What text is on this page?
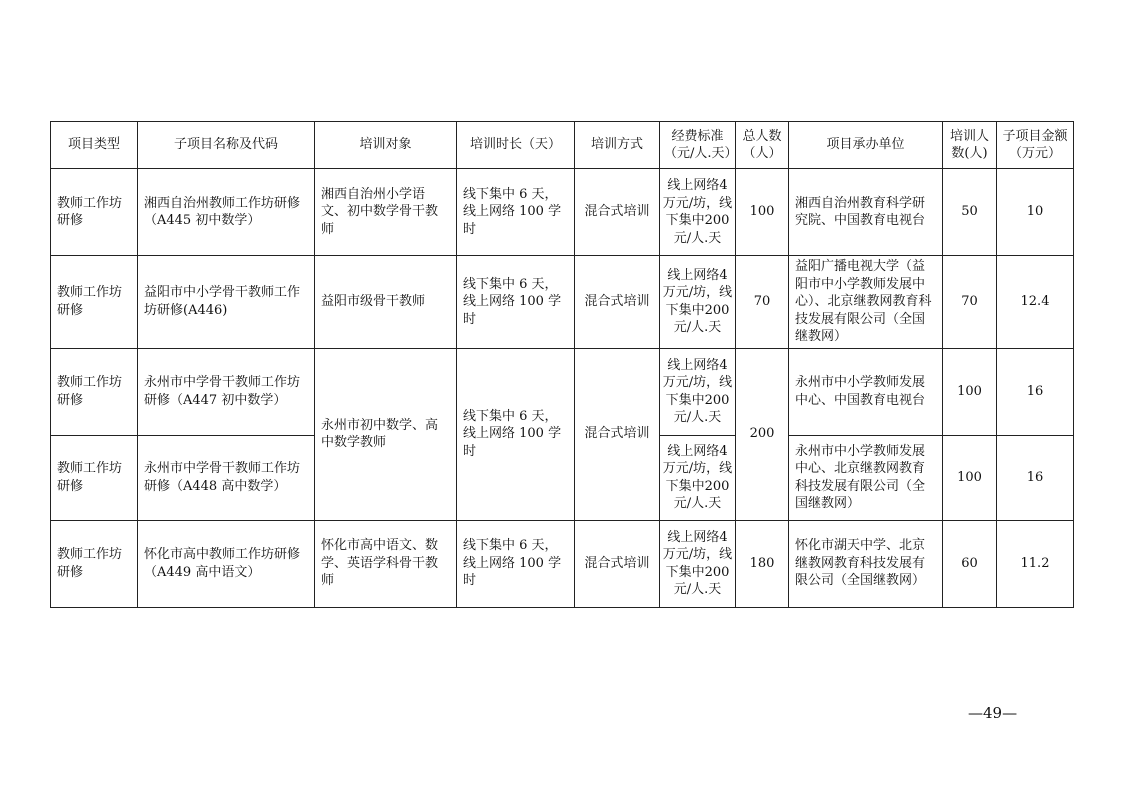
项目类型	子项目名称及代码	培训对象	培训时长（天）	培训方式	经费标准（元/人.天）	总人数（人）	项目承办单位	培训人数(人)	子项目金额（万元）
教师工作坊研修	湘西自治州教师工作坊研修（A445 初中数学）	湘西自治州小学语文、初中数学骨干教师	线下集中 6 天，线上网络 100 学时	混合式培训	线上网络4万元/坊，线下集中200 元/人.天	100	湘西自治州教育科学研究院、中国教育电视台	50	10
教师工作坊研修	益阳市中小学骨干教师工作坊研修(A446)	益阳市级骨干教师	线下集中 6 天，线上网络 100 学时	混合式培训	线上网络4万元/坊，线下集中200 元/人.天	70	益阳广播电视大学（益阳市中小学教师发展中心）、北京继教网教育科技发展有限公司（全国继教网）	70	12.4
教师工作坊研修	永州市中学骨干教师工作坊研修（A447 初中数学）	永州市初中数学、高中数学教师	线下集中 6 天，线上网络 100 学时	混合式培训	线上网络4万元/坊，线下集中200 元/人.天	200	永州市中小学教师发展中心、中国教育电视台	100	16
教师工作坊研修	永州市中学骨干教师工作坊研修（A448 高中数学）				线上网络4万元/坊，线下集中200 元/人.天		永州市中小学教师发展中心、北京继教网教育科技发展有限公司（全国继教网）	100	16
教师工作坊研修	怀化市高中教师工作坊研修（A449 高中语文）	怀化市高中语文、数学、英语学科骨干教师	线下集中 6 天，线上网络 100 学时	混合式培训	线上网络4万元/坊，线下集中200 元/人.天	180	怀化市湖天中学、北京继教网教育科技发展有限公司（全国继教网）	60	11.2
—49—
